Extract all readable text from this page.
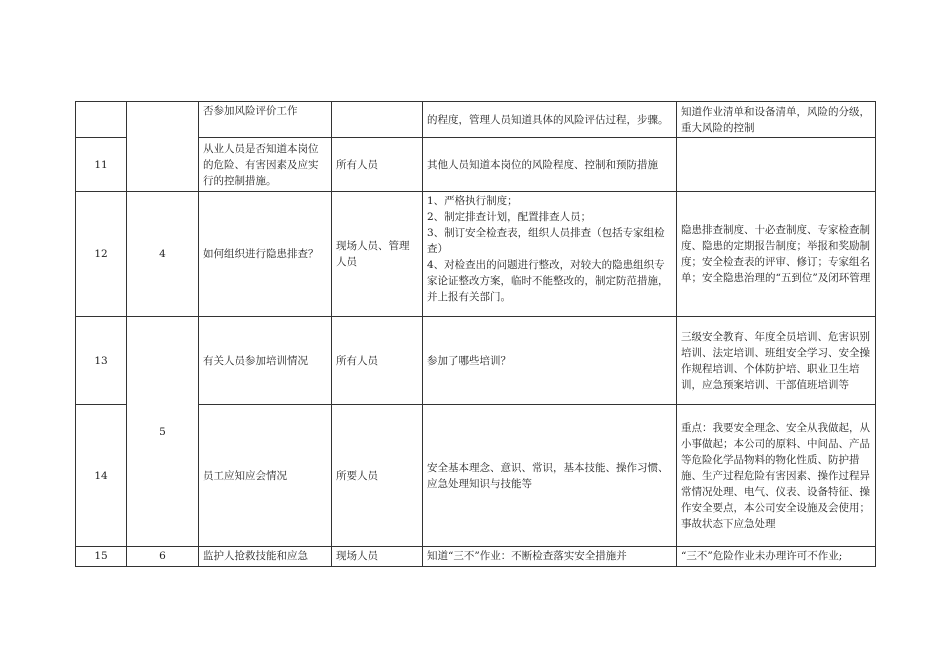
		否参加风险评价工作		的程度，管理人员知道具体的风险评估过程，步骤。	知道作业清单和设备清单，风险的分级，重大风险的控制
11		从业人员是否知道本岗位的危险、有害因素及应实行的控制措施。	所有人员	其他人员知道本岗位的风险程度、控制和预防措施	
12	4	如何组织进行隐患排查？	现场人员、管理人员	1、严格执行制度；
2、制定排查计划，配置排查人员；
3、制订安全检查表，组织人员排查（包括专家组检查）
4、对检查出的问题进行整改，对较大的隐患组织专家论证整改方案，临时不能整改的，制定防范措施，并上报有关部门。	隐患排查制度、十必查制度、专家检查制度、隐患的定期报告制度；举报和奖励制度；安全检查表的评审、修订；专家组名单；安全隐患治理的“五到位”及闭环管理
13	5	有关人员参加培训情况	所有人员	参加了哪些培训？	三级安全教育、年度全员培训、危害识别培训、法定培训、班组安全学习、安全操作规程培训、个体防护培、职业卫生培训，应急预案培训、干部值班培训等
14		员工应知应会情况	所要人员	安全基本理念、意识、常识，基本技能、操作习惯、应急处理知识与技能等	重点：我要安全理念、安全从我做起，从小事做起；本公司的原料、中间品、产品等危险化学品物料的物化性质、防护措施、生产过程危险有害因素、操作过程异常情况处理、电气、仪表、设备特征、操作安全要点，本公司安全设施及会使用；事故状态下应急处理
15	6	监护人抢救技能和应急	现场人员	知道“三不”作业：不断检查落实安全措施并	“三不”危险作业未办理许可不作业;
